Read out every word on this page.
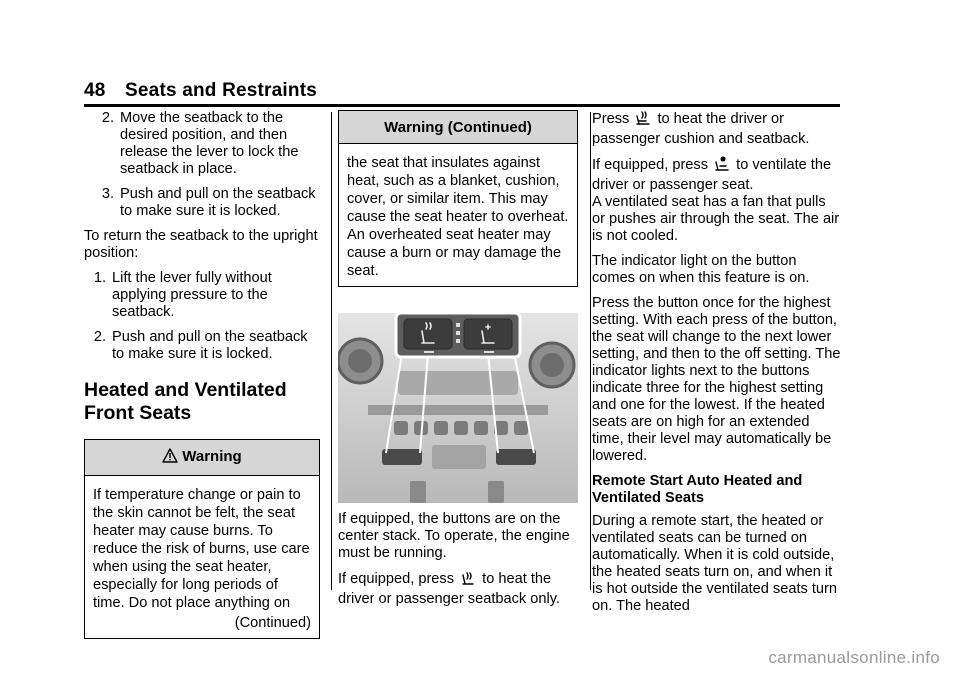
48 Seats and Restraints
2. Move the seatback to the desired position, and then release the lever to lock the seatback in place.
3. Push and pull on the seatback to make sure it is locked.

To return the seatback to the upright position:

1. Lift the lever fully without applying pressure to the seatback.
2. Push and pull on the seatback to make sure it is locked.
Heated and Ventilated Front Seats
Warning
If temperature change or pain to the skin cannot be felt, the seat heater may cause burns. To reduce the risk of burns, use care when using the seat heater, especially for long periods of time. Do not place anything on
(Continued)
Warning (Continued)
the seat that insulates against heat, such as a blanket, cushion, cover, or similar item. This may cause the seat heater to overheat. An overheated seat heater may cause a burn or may damage the seat.

If equipped, the buttons are on the center stack. To operate, the engine must be running.

If equipped, press to heat the driver or passenger seatback only.

Press to heat the driver or passenger cushion and seatback.

If equipped, press to ventilate the driver or passenger seat.

A ventilated seat has a fan that pulls or pushes air through the seat. The air is not cooled.

The indicator light on the button comes on when this feature is on.

Press the button once for the highest setting. With each press of the button, the seat will change to the next lower setting, and then to the off setting. The indicator lights next to the buttons indicate three for the highest setting and one for the lowest. If the heated seats are on high for an extended time, their level may automatically be lowered.

Remote Start Auto Heated and Ventilated Seats

During a remote start, the heated or ventilated seats can be turned on automatically. When it is cold outside, the heated seats turn on, and when it is hot outside the ventilated seats turn on. The heated

carmanualsonline.info
